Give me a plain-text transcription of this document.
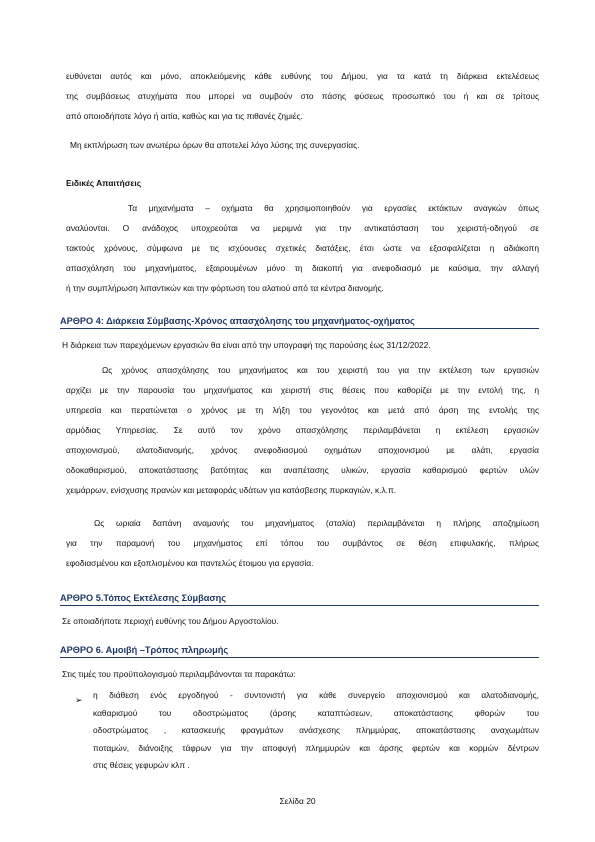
ευθύνεται αυτός και μόνο, αποκλειόμενης κάθε ευθύνης του Δήμου, για τα κατά τη διάρκεια εκτελέσεως
της συμβάσεως ατυχήματα που μπορεί να συμβούν στο πάσης φύσεως προσωπικό του ή και σε τρίτους
από οποιοδήποτε λόγο ή αιτία, καθώς και για τις πιθανές ζημιές.
Μη εκπλήρωση των ανωτέρω όρων θα αποτελεί λόγο λύσης της συνεργασίας.

Ειδικές Απαιτήσεις

Τα μηχανήματα – οχήματα θα χρησιμοποιηθούν για εργασίες εκτάκτων αναγκών όπως
αναλύονται. Ο ανάδοχος υποχρεούται να μεριμνά για την αντικατάσταση του χειριστή-οδηγού σε
τακτούς χρόνους, σύμφωνα με τις ισχύουσες σχετικές διατάξεις, έτσι ώστε να εξασφαλίζεται η αδιάκοπη
απασχόληση του μηχανήματος, εξαιρουμένων μόνο τη διακοπή για ανεφοδιασμό με καύσιμα, την αλλαγή
ή την συμπλήρωση λιπαντικών και την φόρτωση του αλατιού από τα κέντρα διανομής.

ΑΡΘΡΟ 4: Διάρκεια Σύμβασης-Χρόνος απασχόλησης του μηχανήματος-οχήματος

Η διάρκεια των παρεχόμενων εργασιών θα είναι από την υπογραφή της παρούσης έως 31/12/2022.
Ως χρόνος απασχόλησης του μηχανήματος και του χειριστή του για την εκτέλεση των εργασιών
αρχίζει με την παρουσία του μηχανήματος και χειριστή στις θέσεις που καθορίζει με την εντολή της, η
υπηρεσία και περατώνεται ο χρόνος με τη λήξη του γεγονότος και μετά από άρση της εντολής της
αρμόδιας Υπηρεσίας. Σε αυτό τον χρόνο απασχόλησης περιλαμβάνεται η εκτέλεση εργασιών
αποχιονισμού, αλατοδιανομής, χρόνος ανεφοδιασμού οχημάτων αποχιονισμού με αλάτι, εργασία
οδοκαθαρισμού, αποκατάστασης βατότητας και αναπέτασης υλικών, εργασία καθαρισμού φερτών υλών
χειμάρρων, ενίσχυσης πρανών και μεταφοράς υδάτων για κατάσβεσης πυρκαγιών, κ.λ.π.
Ως ωριαία δαπάνη αναμονής του μηχανήματος (σταλία) περιλαμβάνεται η πλήρης αποζημίωση
για την παραμονή του μηχανήματος επί τόπου του συμβάντος σε θέση επιφυλακής, πλήρως
εφοδιασμένου και εξοπλισμένου και παντελώς έτοιμου για εργασία.

ΑΡΘΡΟ 5.Τόπος Εκτέλεσης Σύμβασης

Σε οποιαδήποτε περιοχή ευθύνης του Δήμου Αργοστολίου.

ΑΡΘΡΟ 6. Αμοιβή –Τρόπος πληρωμής

Στις τιμές του προϋπολογισμού περιλαμβάνονται τα παρακάτω:
➢ η διάθεση ενός εργοδηγού - συντονιστή για κάθε συνεργείο αποχιονισμού και αλατοδιανομής,
καθαρισμού του οδοστρώματος (άρσης καταπτώσεων, αποκατάστασης φθορών του
οδοστρώματος , κατασκευής φραγμάτων ανάσχεσης πλημμύρας, αποκατάστασης αναχωμάτων
ποταμών, διάνοιξης τάφρων για την αποφυγή πλημμυρών και άρσης φερτών και κορμών δέντρων
στις θέσεις γεφυρών κλπ .
Σελίδα 20
